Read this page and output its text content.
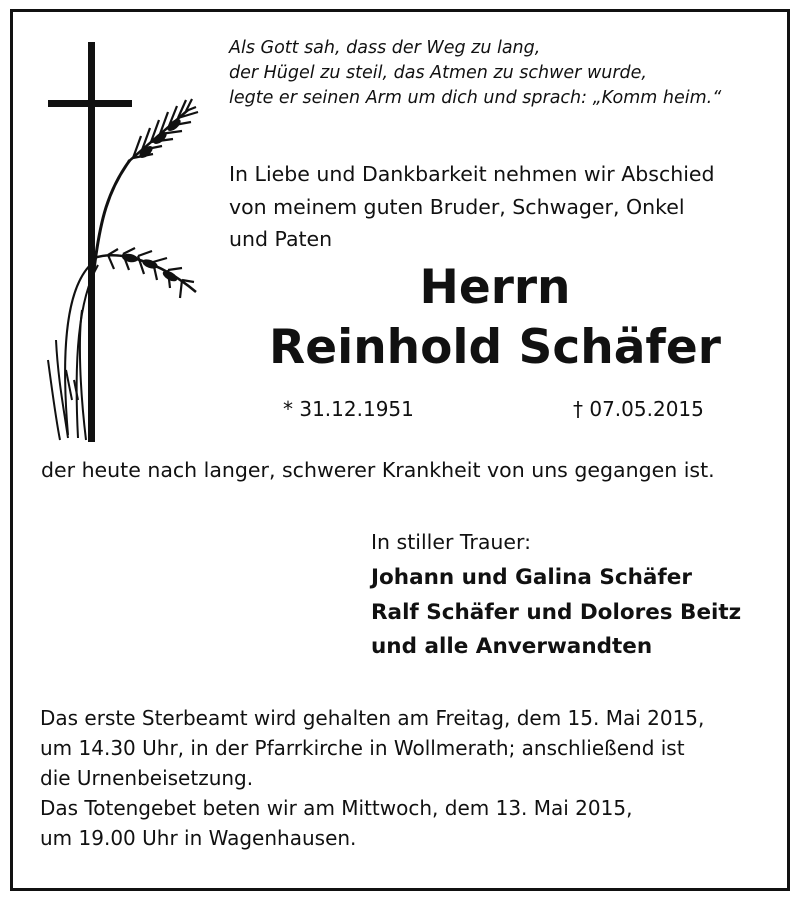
Als Gott sah, dass der Weg zu lang,
der Hügel zu steil, das Atmen zu schwer wurde,
legte er seinen Arm um dich und sprach: „Komm heim.“
In Liebe und Dankbarkeit nehmen wir Abschied
von meinem guten Bruder, Schwager, Onkel
und Paten
Herrn
Reinhold Schäfer
* 31.12.1951	† 07.05.2015
der heute nach langer, schwerer Krankheit von uns gegangen ist.
In stiller Trauer:
Johann und Galina Schäfer
Ralf Schäfer und Dolores Beitz
und alle Anverwandten
Das erste Sterbeamt wird gehalten am Freitag, dem 15. Mai 2015,
um 14.30 Uhr, in der Pfarrkirche in Wollmerath; anschließend ist
die Urnenbeisetzung.
Das Totengebet beten wir am Mittwoch, dem 13. Mai 2015,
um 19.00 Uhr in Wagenhausen.
